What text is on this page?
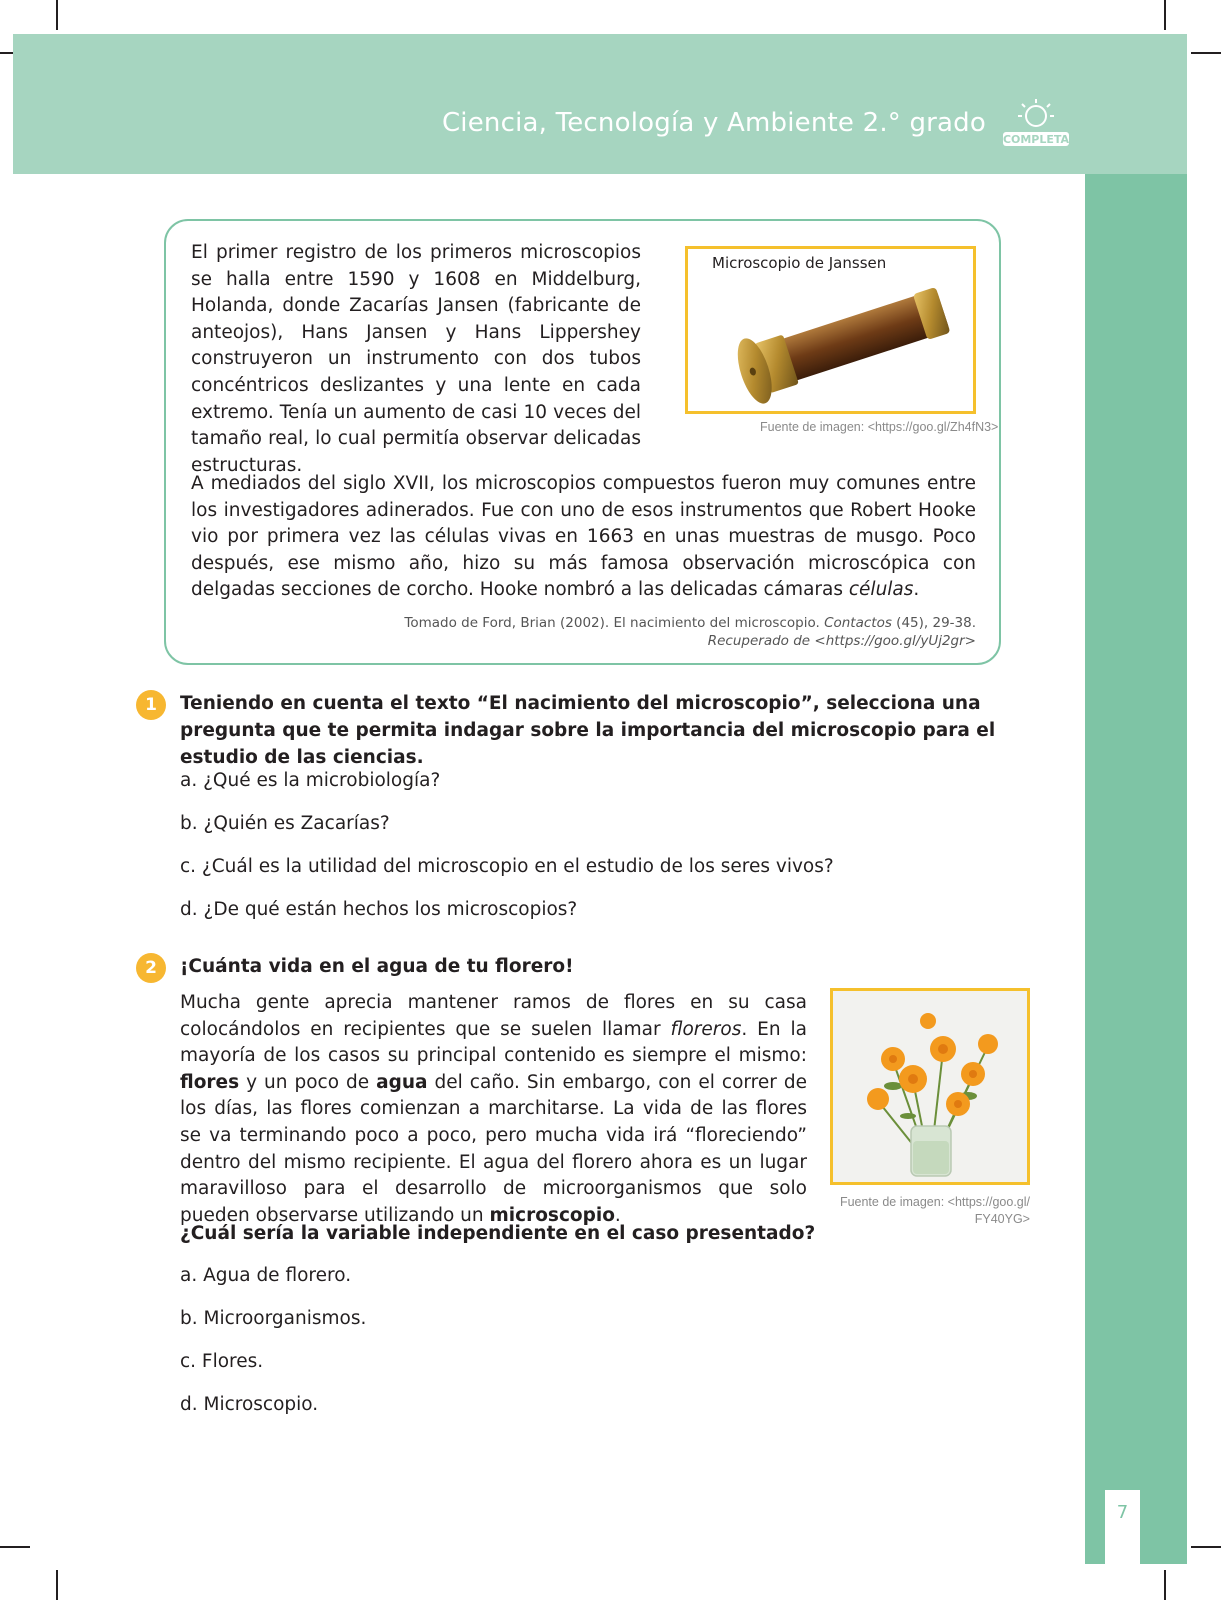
Ciencia, Tecnología y Ambiente 2.° grado
COMPLETA
7
El primer registro de los primeros microscopios se halla entre 1590 y 1608 en Middelburg, Holanda, donde Zacarías Jansen (fabricante de anteojos), Hans Jansen y Hans Lippershey construyeron un instrumento con dos tubos concéntricos deslizantes y una lente en cada extremo. Tenía un aumento de casi 10 veces del tamaño real, lo cual permitía observar delicadas estructuras.
Microscopio de Janssen
Fuente de imagen: <https://goo.gl/Zh4fN3>
A mediados del siglo XVII, los microscopios compuestos fueron muy comunes entre los investigadores adinerados. Fue con uno de esos instrumentos que Robert Hooke vio por primera vez las células vivas en 1663 en unas muestras de musgo. Poco después, ese mismo año, hizo su más famosa observación microscópica con delgadas secciones de corcho. Hooke nombró a las delicadas cámaras células.
Tomado de Ford, Brian (2002). El nacimiento del microscopio. Contactos (45), 29-38.
Recuperado de <https://goo.gl/yUj2gr>
1	Teniendo en cuenta el texto “El nacimiento del microscopio”, selecciona una pregunta que te permita indagar sobre la importancia del microscopio para el estudio de las ciencias.
a. ¿Qué es la microbiología?
b. ¿Quién es Zacarías?
c. ¿Cuál es la utilidad del microscopio en el estudio de los seres vivos?
d. ¿De qué están hechos los microscopios?
2	¡Cuánta vida en el agua de tu florero!
Mucha gente aprecia mantener ramos de flores en su casa colocándolos en recipientes que se suelen llamar floreros. En la mayoría de los casos su principal contenido es siempre el mismo: flores y un poco de agua del caño. Sin embargo, con el correr de los días, las flores comienzan a marchitarse. La vida de las flores se va terminando poco a poco, pero mucha vida irá “floreciendo” dentro del mismo recipiente. El agua del florero ahora es un lugar maravilloso para el desarrollo de microorganismos que solo pueden observarse utilizando un microscopio.
Fuente de imagen: <https://goo.gl/
FY40YG>
¿Cuál sería la variable independiente en el caso presentado?
a. Agua de florero.
b. Microorganismos.
c. Flores.
d. Microscopio.
